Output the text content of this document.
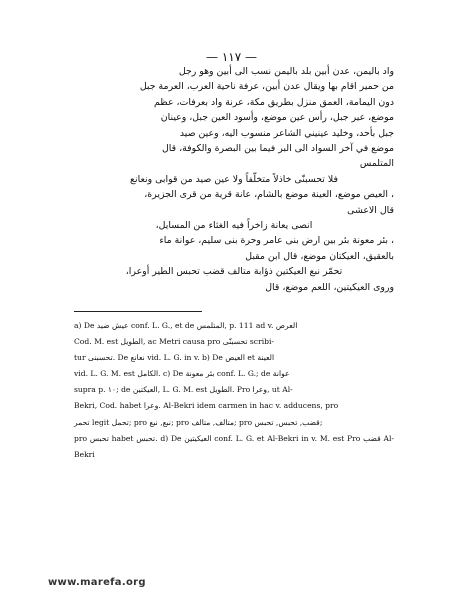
— ١١٧ —

واد باليمن، عدن أبين بلد باليمن نسب الى أبين وهو رجل

من حمير اقام بها ويقال عدن أبين، عرفة ناحية العرب، العرمة جبل

دون اليمامة، العمق منزل بطريق مكة، عرنة واد بعرفات، عظم

موضع، عير جبل، رأس عين موضع، وأسود العين جبل، وعينان

جبل بأحد، وخليد عينيني الشاعر منسوب اليه، وعين صيد

موضع في آخر السواد الى البر فيما بين البصرة والكوفة، قال

المتلمس

فلا تحسبنّى خاذلاً متخلّفاً ولا عين صيد من قوابى ونعانع

، العيص موضع، العينة موضع بالشام، عانة قرية من قرى الجزيرة،

قال الاعشى

انصى يعانة زاخراً فيه الغثاء من المسايل،

، بئر معونة بئر بين ارض بنى عامر وحرة بنى سليم، عوانة ماء

بالعقيق، العيكتان موضع، قال ابن مقبل

تحمّر نبع العيكتين ذؤابة متالف قضب تحبس الطير أوعرا،

وروى العيكيتين، اللعم موضع، قال

a) De عيش ضيد conf. L. G., et de المتلمس, p. 111 ad v. العرص

Cod. M. est الطويل, ac Metri causa pro تحسبنّى scribi-

tur تحسبنى. De نعانع vid. L. G. in v. b) De العيص et العينة

vid. L. G. M. est الكامل. c) De بئر معونة conf. L. G.; de عوانة

supra p. ١٠; de العيكتين, L. G. M. est الطويل. Pro وعرا, ut Al-

Bekri, Cod. habet وعرا. Al-Bekri idem carmen in hac v. adducens, pro

تحمر legit تحمل; pro نبع, نبع; pro متالف, متالف; pro قضب, تحبس, تحبس;

pro تحبس habet تحبس. d) De العيكيتين conf. L. G. et Al-Bekri in v. M. est Pro قضب Al-Bekri

www.marefa.org
